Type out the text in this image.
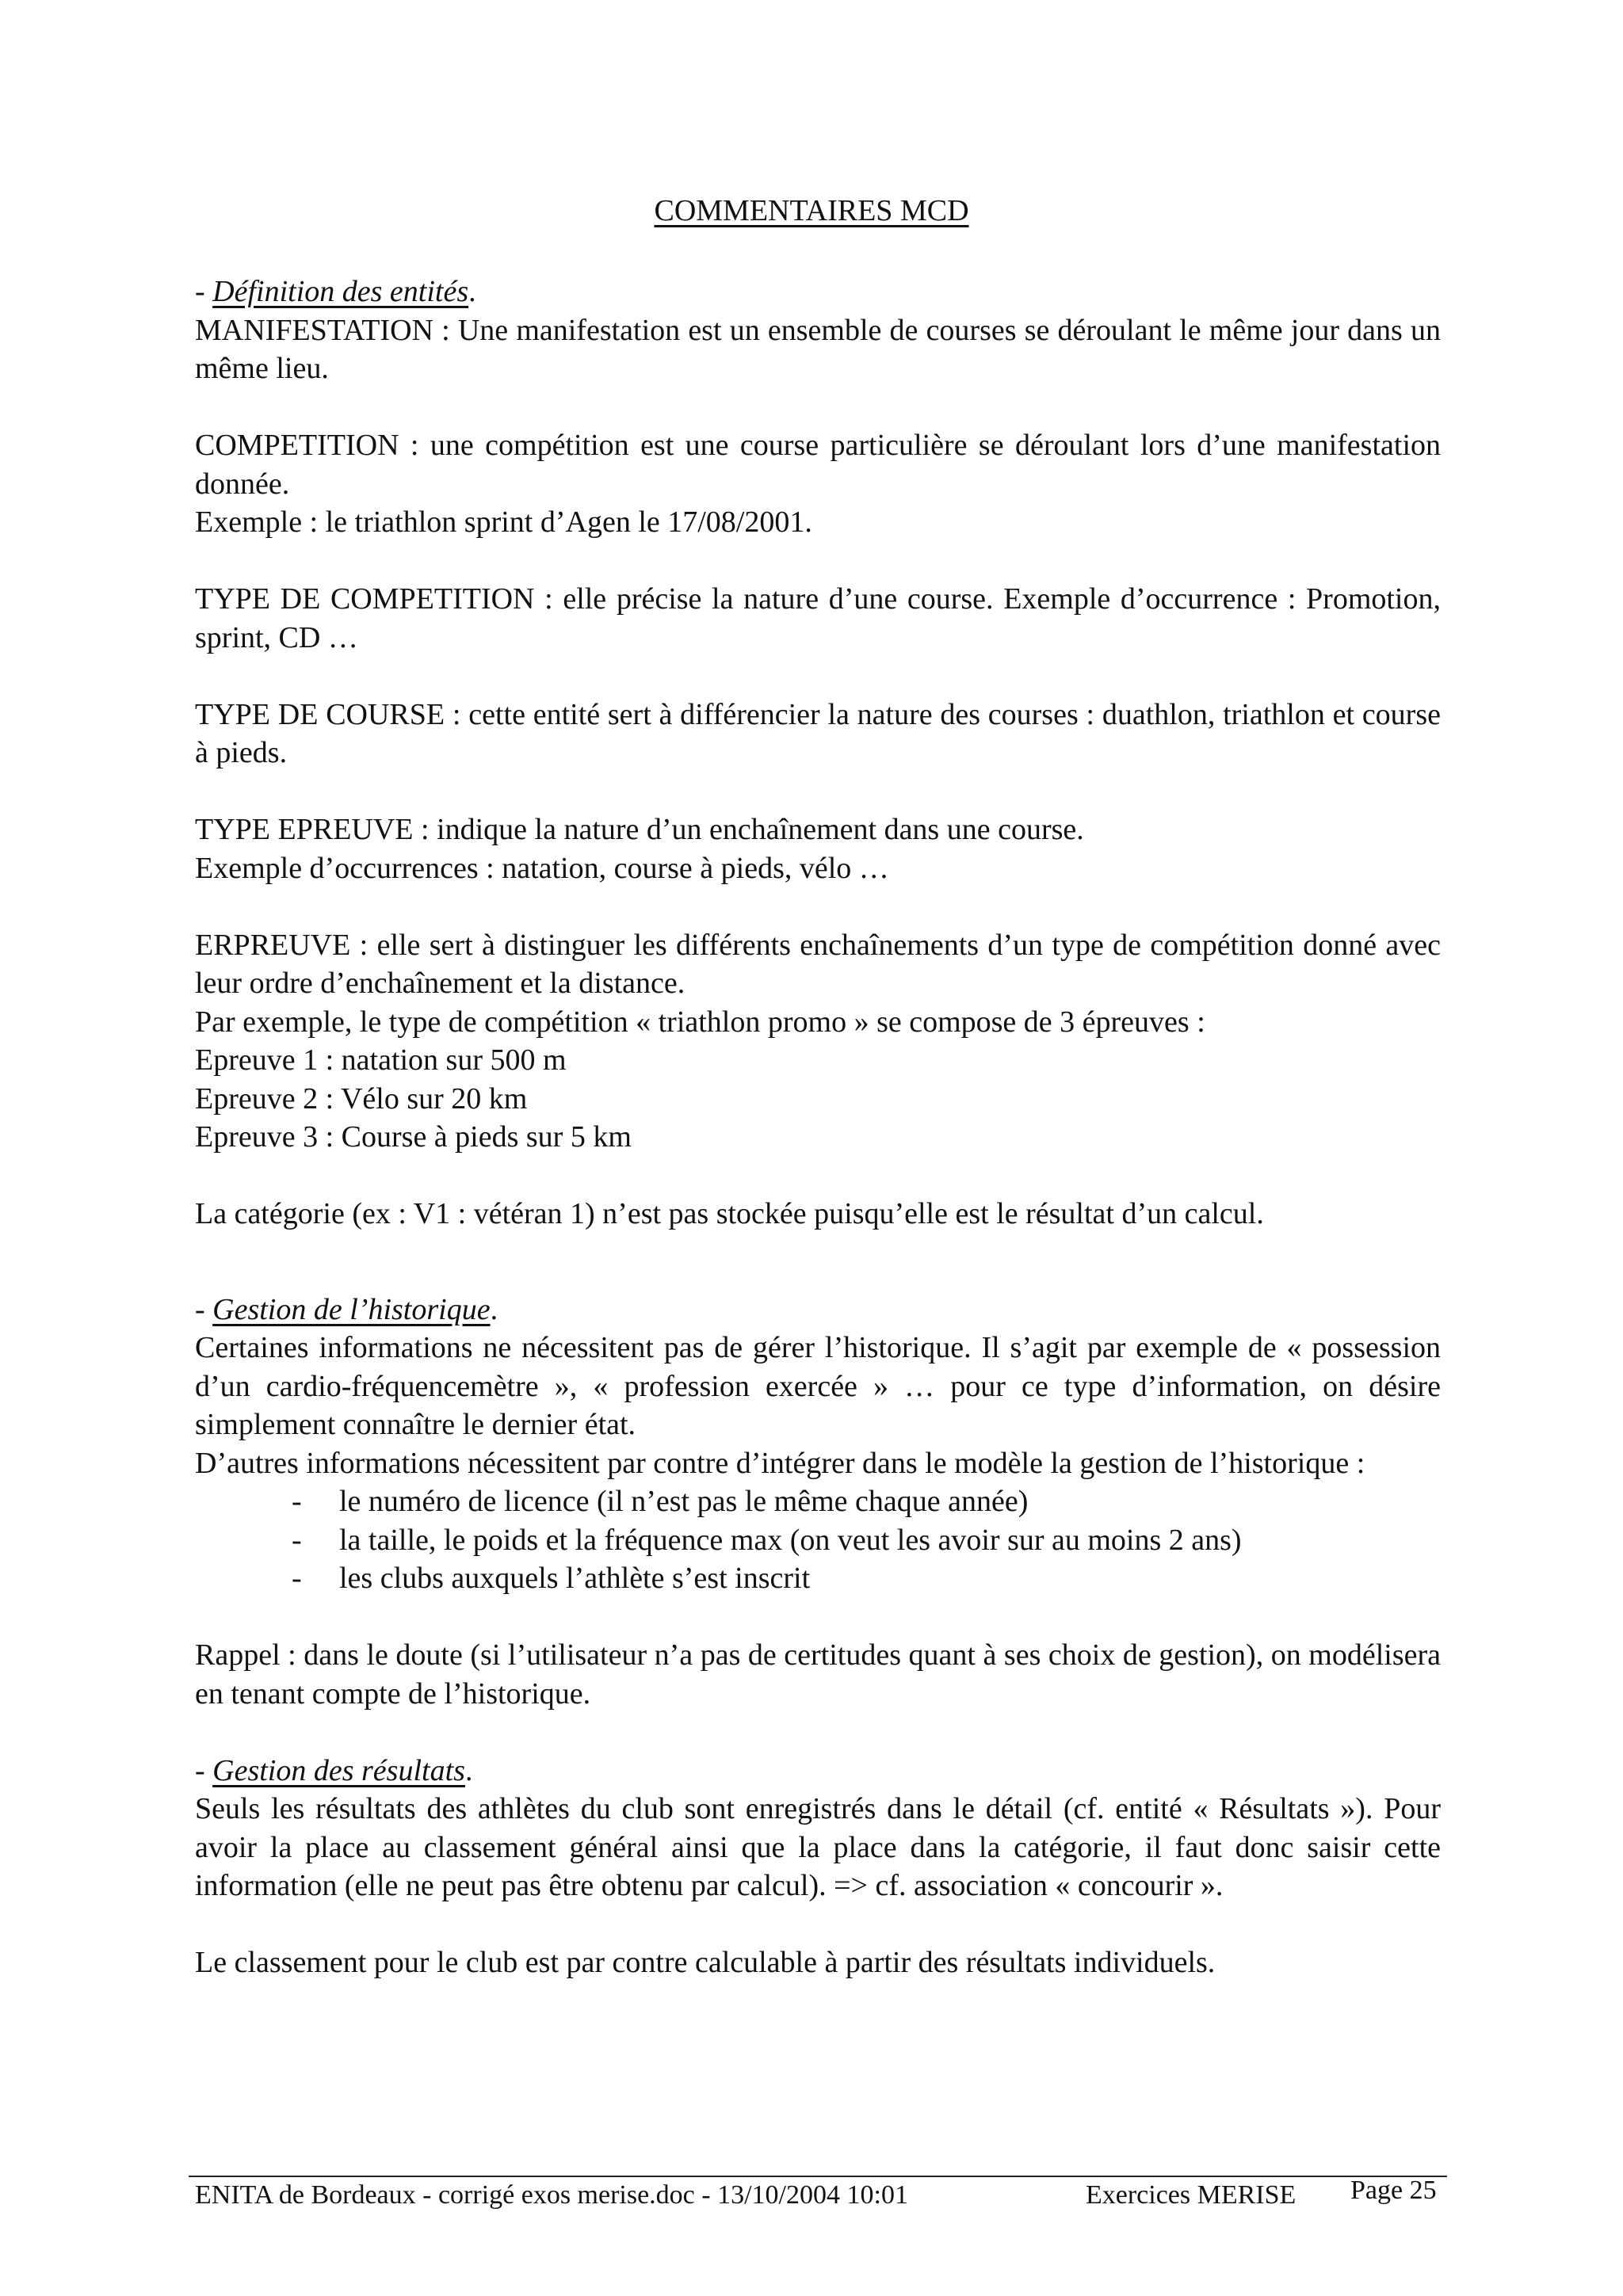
COMMENTAIRES MCD

- Définition des entités.

MANIFESTATION : Une manifestation est un ensemble de courses se déroulant le même jour dans un même lieu.

COMPETITION : une compétition est une course particulière se déroulant lors d’une manifestation donnée.

Exemple : le triathlon sprint d’Agen le 17/08/2001.

TYPE DE COMPETITION : elle précise la nature d’une course. Exemple d’occurrence : Promotion, sprint, CD …

TYPE DE COURSE : cette entité sert à différencier la nature des courses : duathlon, triathlon et course à pieds.

TYPE EPREUVE : indique la nature d’un enchaînement dans une course.

Exemple d’occurrences : natation, course à pieds, vélo …

ERPREUVE : elle sert à distinguer les différents enchaînements d’un type de compétition donné avec leur ordre d’enchaînement et la distance.

Par exemple, le type de compétition « triathlon promo » se compose de 3 épreuves :

Epreuve 1 : natation sur 500 m

Epreuve 2 : Vélo sur 20 km

Epreuve 3 : Course à pieds sur 5 km

La catégorie (ex : V1 : vétéran 1) n’est pas stockée puisqu’elle est le résultat d’un calcul.

- Gestion de l’historique.

Certaines informations ne nécessitent pas de gérer l’historique. Il s’agit par exemple de « possession d’un cardio-fréquencemètre », « profession exercée » … pour ce type d’information, on désire simplement connaître le dernier état.

D’autres informations nécessitent par contre d’intégrer dans le modèle la gestion de l’historique :

- le numéro de licence (il n’est pas le même chaque année)
- la taille, le poids et la fréquence max (on veut les avoir sur au moins 2 ans)
- les clubs auxquels l’athlète s’est inscrit

Rappel : dans le doute (si l’utilisateur n’a pas de certitudes quant à ses choix de gestion), on modélisera en tenant compte de l’historique.

- Gestion des résultats.

Seuls les résultats des athlètes du club sont enregistrés dans le détail (cf. entité « Résultats »). Pour avoir la place au classement général ainsi que la place dans la catégorie, il faut donc saisir cette information (elle ne peut pas être obtenu par calcul). => cf. association « concourir ».

Le classement pour le club est par contre calculable à partir des résultats individuels.

ENITA de Bordeaux - corrigé exos merise.doc - 13/10/2004 10:01	Exercices MERISE Page 25
